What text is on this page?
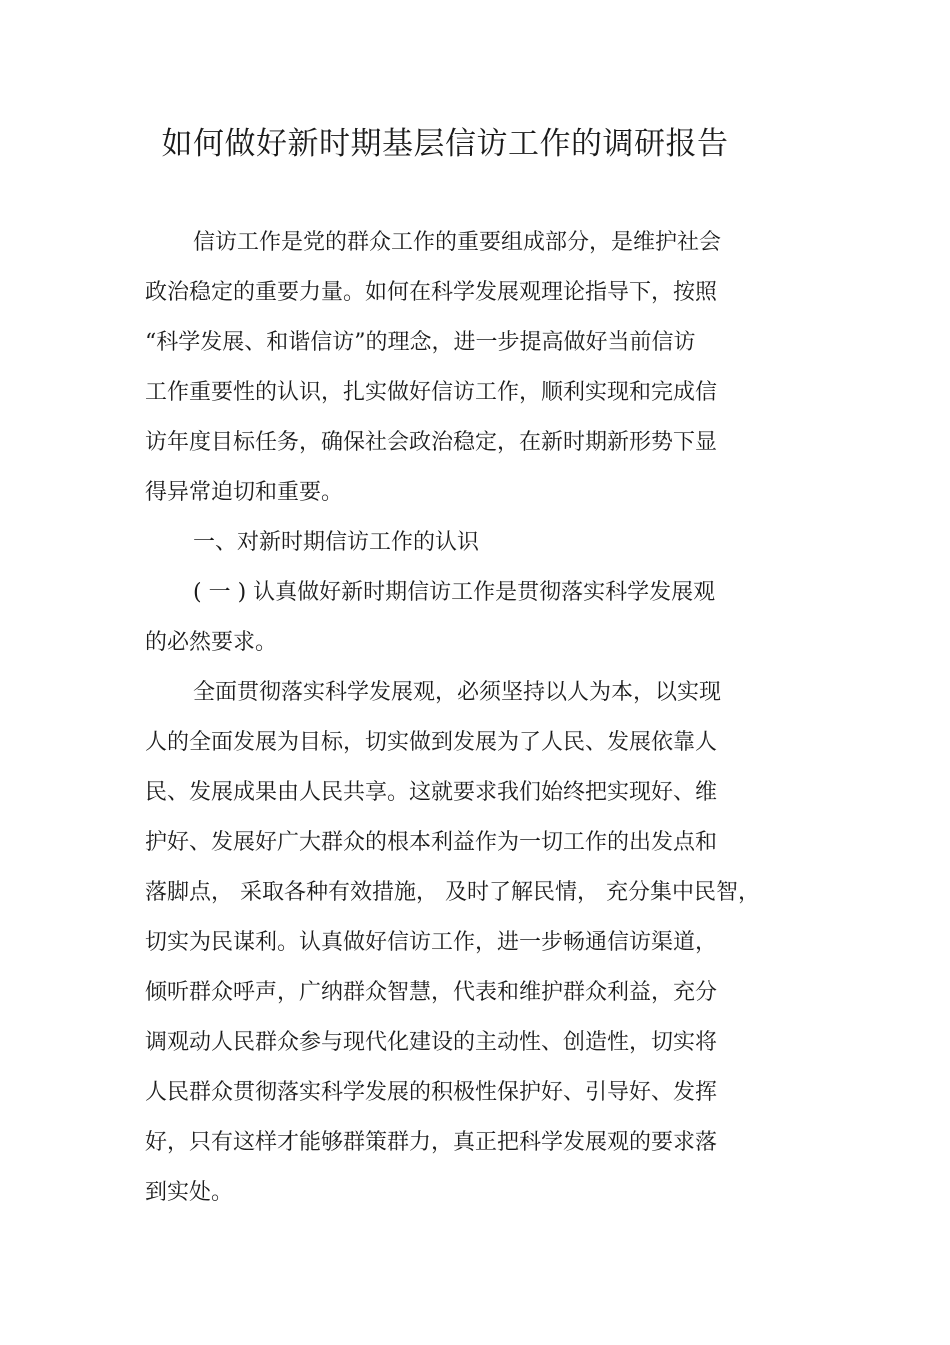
如何做好新时期基层信访工作的调研报告
信访工作是党的群众工作的重要组成部分，是维护社会
政治稳定的重要力量。如何在科学发展观理论指导下，按照
“科学发展、和谐信访”的理念，进一步提高做好当前信访
工作重要性的认识，扎实做好信访工作，顺利实现和完成信
访年度目标任务，确保社会政治稳定，在新时期新形势下显
得异常迫切和重要。
一、对新时期信访工作的认识
( 一 ) 认真做好新时期信访工作是贯彻落实科学发展观
的必然要求。
全面贯彻落实科学发展观，必须坚持以人为本，以实现
人的全面发展为目标，切实做到发展为了人民、发展依靠人
民、发展成果由人民共享。这就要求我们始终把实现好、维
护好、发展好广大群众的根本利益作为一切工作的出发点和
落脚点， 采取各种有效措施， 及时了解民情， 充分集中民智，
切实为民谋利。认真做好信访工作，进一步畅通信访渠道，
倾听群众呼声，广纳群众智慧，代表和维护群众利益，充分
调观动人民群众参与现代化建设的主动性、创造性，切实将
人民群众贯彻落实科学发展的积极性保护好、引导好、发挥
好，只有这样才能够群策群力，真正把科学发展观的要求落
到实处。
